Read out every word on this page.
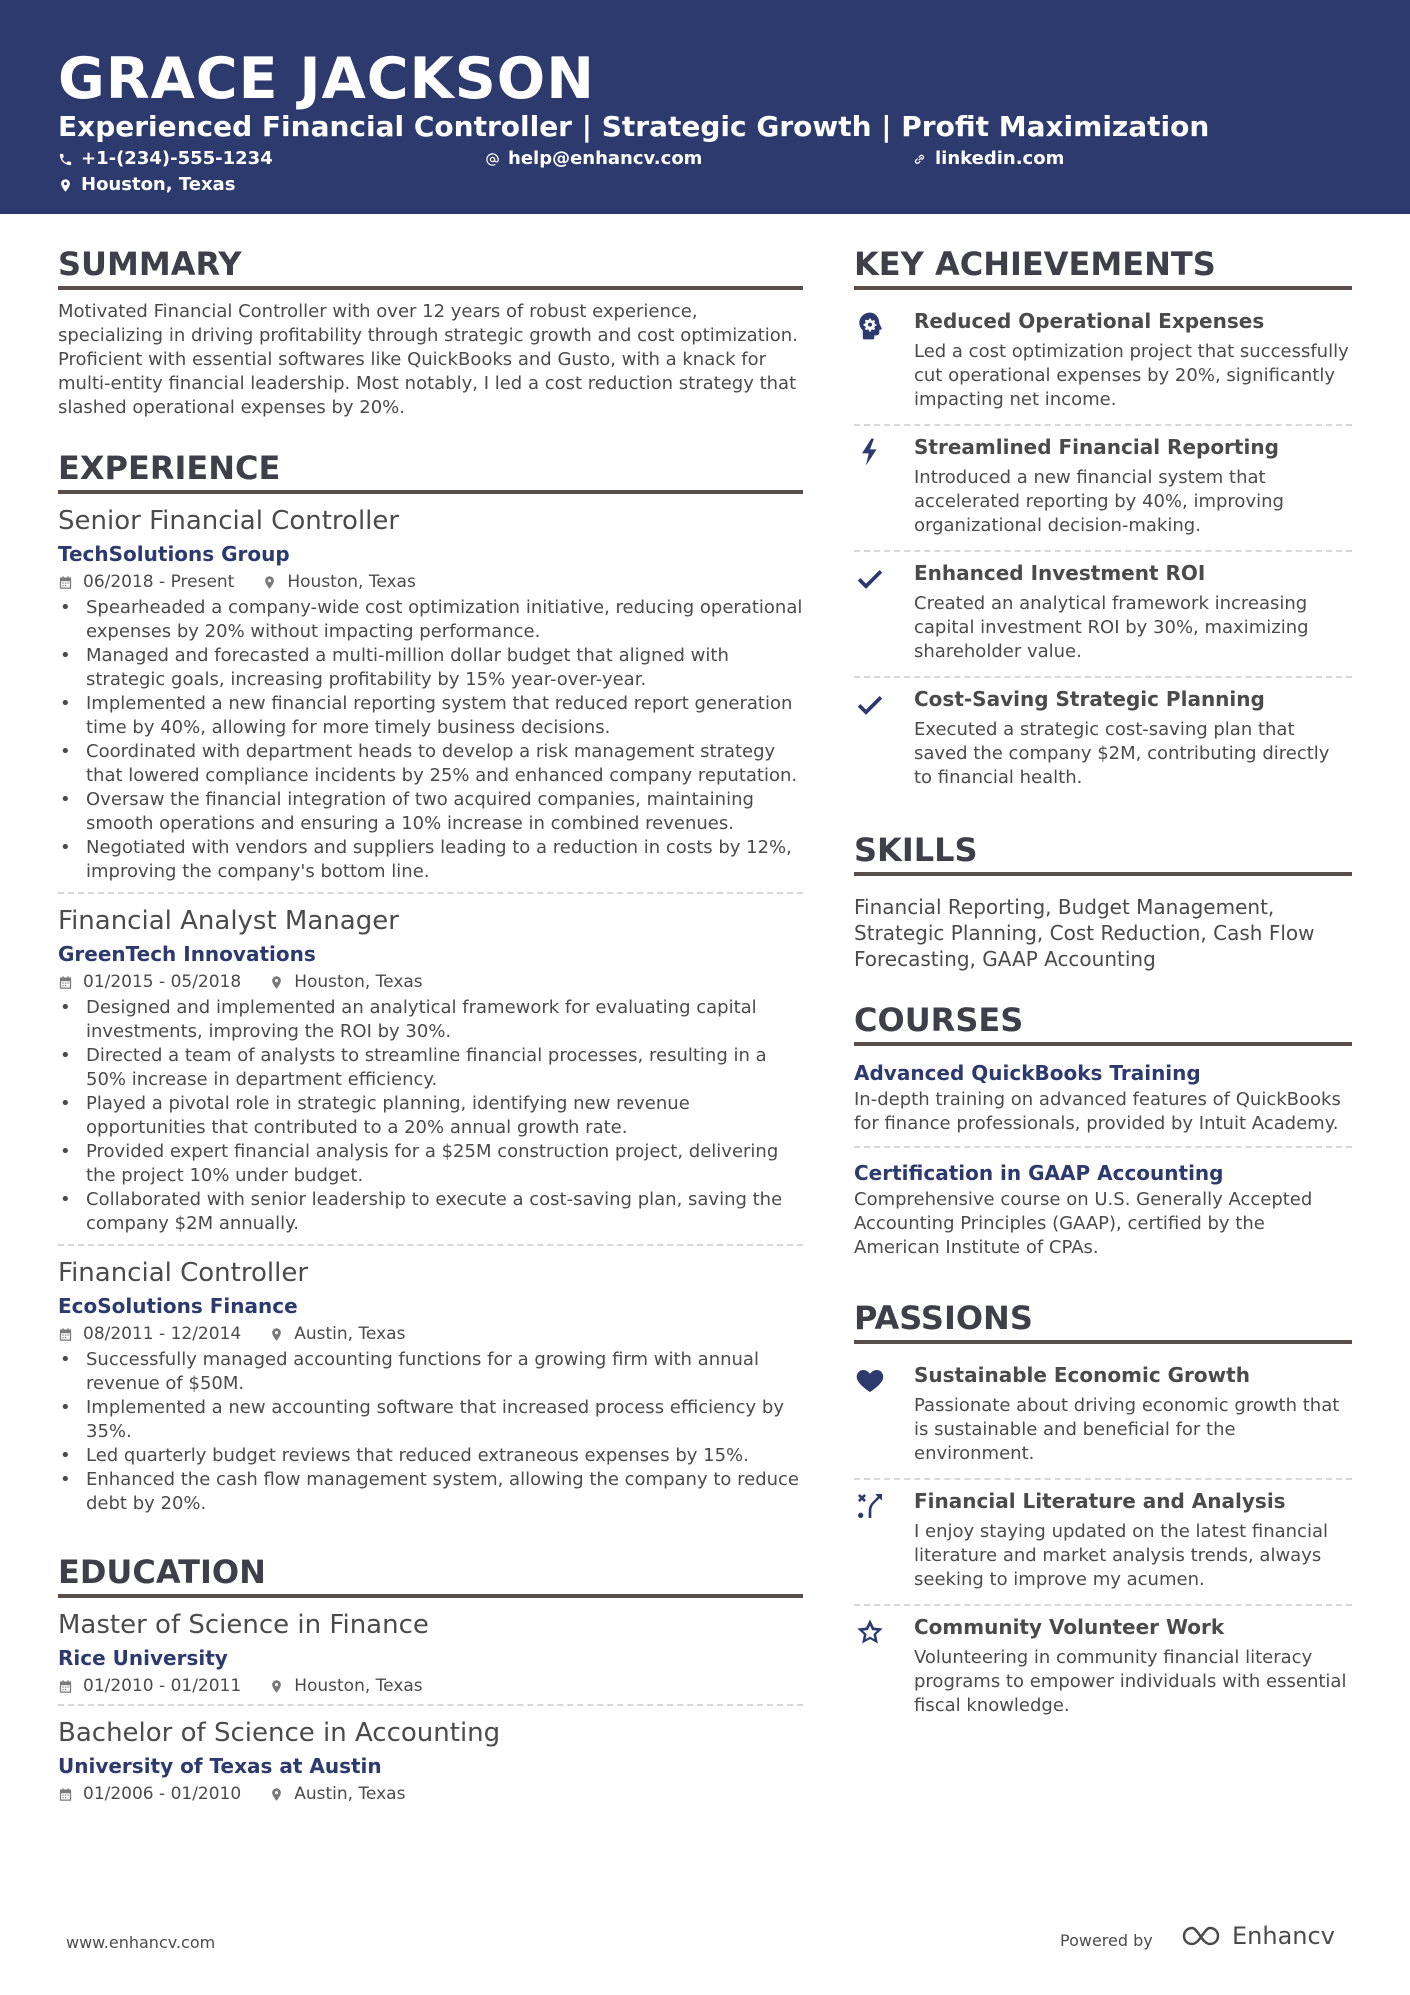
GRACE JACKSON
Experienced Financial Controller | Strategic Growth | Profit Maximization
+1-(234)-555-1234	help@enhancv.com	linkedin.com
Houston, Texas
SUMMARY
Motivated Financial Controller with over 12 years of robust experience, specializing in driving profitability through strategic growth and cost optimization. Proficient with essential softwares like QuickBooks and Gusto, with a knack for multi-entity financial leadership. Most notably, I led a cost reduction strategy that slashed operational expenses by 20%.
EXPERIENCE
Senior Financial Controller
TechSolutions Group
06/2018 - Present	Houston, Texas
• Spearheaded a company-wide cost optimization initiative, reducing operational expenses by 20% without impacting performance.
• Managed and forecasted a multi-million dollar budget that aligned with strategic goals, increasing profitability by 15% year-over-year.
• Implemented a new financial reporting system that reduced report generation time by 40%, allowing for more timely business decisions.
• Coordinated with department heads to develop a risk management strategy that lowered compliance incidents by 25% and enhanced company reputation.
• Oversaw the financial integration of two acquired companies, maintaining smooth operations and ensuring a 10% increase in combined revenues.
• Negotiated with vendors and suppliers leading to a reduction in costs by 12%, improving the company's bottom line.
Financial Analyst Manager
GreenTech Innovations
01/2015 - 05/2018	Houston, Texas
• Designed and implemented an analytical framework for evaluating capital investments, improving the ROI by 30%.
• Directed a team of analysts to streamline financial processes, resulting in a 50% increase in department efficiency.
• Played a pivotal role in strategic planning, identifying new revenue opportunities that contributed to a 20% annual growth rate.
• Provided expert financial analysis for a $25M construction project, delivering the project 10% under budget.
• Collaborated with senior leadership to execute a cost-saving plan, saving the company $2M annually.
Financial Controller
EcoSolutions Finance
08/2011 - 12/2014	Austin, Texas
• Successfully managed accounting functions for a growing firm with annual revenue of $50M.
• Implemented a new accounting software that increased process efficiency by 35%.
• Led quarterly budget reviews that reduced extraneous expenses by 15%.
• Enhanced the cash flow management system, allowing the company to reduce debt by 20%.
EDUCATION
Master of Science in Finance
Rice University
01/2010 - 01/2011	Houston, Texas
Bachelor of Science in Accounting
University of Texas at Austin
01/2006 - 01/2010	Austin, Texas
KEY ACHIEVEMENTS
Reduced Operational Expenses
Led a cost optimization project that successfully cut operational expenses by 20%, significantly impacting net income.
Streamlined Financial Reporting
Introduced a new financial system that accelerated reporting by 40%, improving organizational decision-making.
Enhanced Investment ROI
Created an analytical framework increasing capital investment ROI by 30%, maximizing shareholder value.
Cost-Saving Strategic Planning
Executed a strategic cost-saving plan that saved the company $2M, contributing directly to financial health.
SKILLS
Financial Reporting, Budget Management, Strategic Planning, Cost Reduction, Cash Flow Forecasting, GAAP Accounting
COURSES
Advanced QuickBooks Training
In-depth training on advanced features of QuickBooks for finance professionals, provided by Intuit Academy.
Certification in GAAP Accounting
Comprehensive course on U.S. Generally Accepted Accounting Principles (GAAP), certified by the American Institute of CPAs.
PASSIONS
Sustainable Economic Growth
Passionate about driving economic growth that is sustainable and beneficial for the environment.
Financial Literature and Analysis
I enjoy staying updated on the latest financial literature and market analysis trends, always seeking to improve my acumen.
Community Volunteer Work
Volunteering in community financial literacy programs to empower individuals with essential fiscal knowledge.
www.enhancv.com	Powered by	Enhancv
